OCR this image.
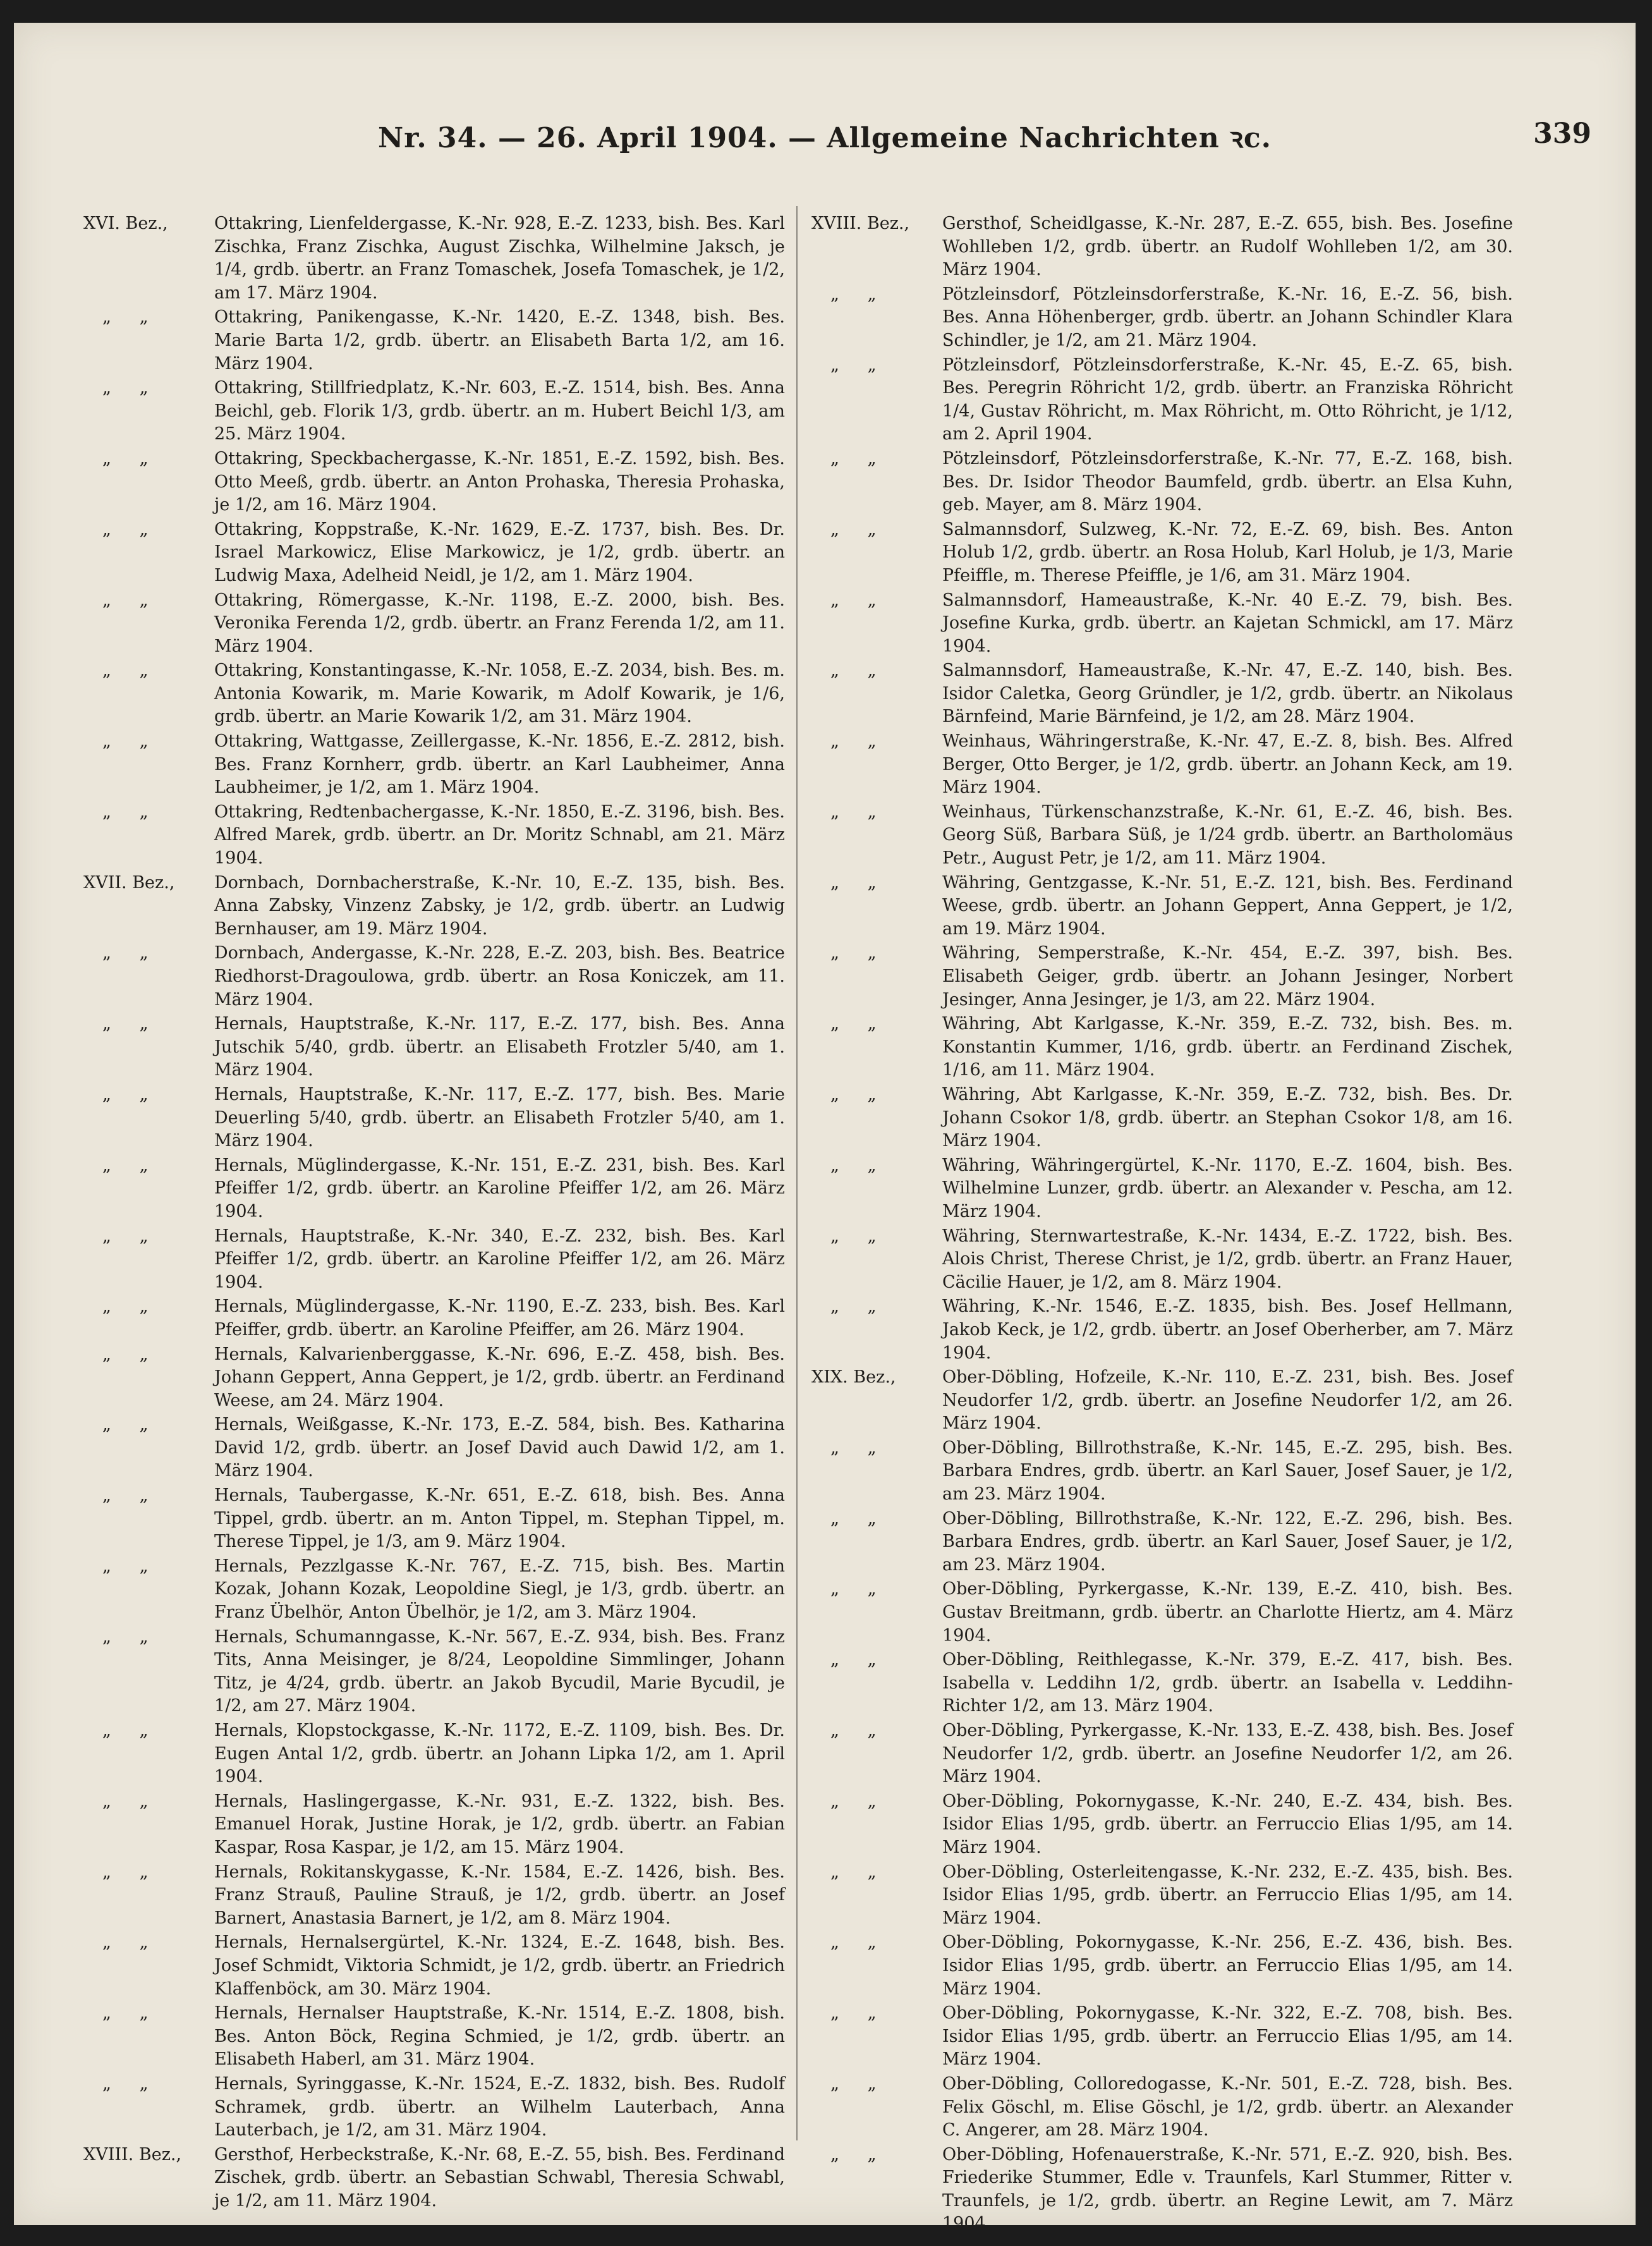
Nr. 34. — 26. April 1904. — Allgemeine Nachrichten ꝛc.	339
XVI. Bez.,	Ottakring, Lienfeldergasse, K.-Nr. 928, E.-Z. 1233, bish. Bes. Karl Zischka, Franz Zischka, August Zischka, Wilhelmine Jaksch, je 1/4, grdb. übertr. an Franz Tomaschek, Josefa Tomaschek, je 1/2, am 17. März 1904.

„ „	Ottakring, Panikengasse, K.-Nr. 1420, E.-Z. 1348, bish. Bes. Marie Barta 1/2, grdb. übertr. an Elisabeth Barta 1/2, am 16. März 1904.

„ „	Ottakring, Stillfriedplatz, K.-Nr. 603, E.-Z. 1514, bish. Bes. Anna Beichl, geb. Florik 1/3, grdb. übertr. an m. Hubert Beichl 1/3, am 25. März 1904.

„ „	Ottakring, Speckbachergasse, K.-Nr. 1851, E.-Z. 1592, bish. Bes. Otto Meeß, grdb. übertr. an Anton Prohaska, Theresia Prohaska, je 1/2, am 16. März 1904.

„ „	Ottakring, Koppstraße, K.-Nr. 1629, E.-Z. 1737, bish. Bes. Dr. Israel Markowicz, Elise Markowicz, je 1/2, grdb. übertr. an Ludwig Maxa, Adelheid Neidl, je 1/2, am 1. März 1904.

„ „	Ottakring, Römergasse, K.-Nr. 1198, E.-Z. 2000, bish. Bes. Veronika Ferenda 1/2, grdb. übertr. an Franz Ferenda 1/2, am 11. März 1904.

„ „	Ottakring, Konstantingasse, K.-Nr. 1058, E.-Z. 2034, bish. Bes. m. Antonia Kowarik, m. Marie Kowarik, m Adolf Kowarik, je 1/6, grdb. übertr. an Marie Kowarik 1/2, am 31. März 1904.

„ „	Ottakring, Wattgasse, Zeillergasse, K.-Nr. 1856, E.-Z. 2812, bish. Bes. Franz Kornherr, grdb. übertr. an Karl Laubheimer, Anna Laubheimer, je 1/2, am 1. März 1904.

„ „	Ottakring, Redtenbachergasse, K.-Nr. 1850, E.-Z. 3196, bish. Bes. Alfred Marek, grdb. übertr. an Dr. Moritz Schnabl, am 21. März 1904.

XVII. Bez.,	Dornbach, Dornbacherstraße, K.-Nr. 10, E.-Z. 135, bish. Bes. Anna Zabsky, Vinzenz Zabsky, je 1/2, grdb. übertr. an Ludwig Bernhauser, am 19. März 1904.

„ „	Dornbach, Andergasse, K.-Nr. 228, E.-Z. 203, bish. Bes. Beatrice Riedhorst-Dragoulowa, grdb. übertr. an Rosa Koniczek, am 11. März 1904.

„ „	Hernals, Hauptstraße, K.-Nr. 117, E.-Z. 177, bish. Bes. Anna Jutschik 5/40, grdb. übertr. an Elisabeth Frotzler 5/40, am 1. März 1904.

„ „	Hernals, Hauptstraße, K.-Nr. 117, E.-Z. 177, bish. Bes. Marie Deuerling 5/40, grdb. übertr. an Elisabeth Frotzler 5/40, am 1. März 1904.

„ „	Hernals, Müglindergasse, K.-Nr. 151, E.-Z. 231, bish. Bes. Karl Pfeiffer 1/2, grdb. übertr. an Karoline Pfeiffer 1/2, am 26. März 1904.

„ „	Hernals, Hauptstraße, K.-Nr. 340, E.-Z. 232, bish. Bes. Karl Pfeiffer 1/2, grdb. übertr. an Karoline Pfeiffer 1/2, am 26. März 1904.

„ „	Hernals, Müglindergasse, K.-Nr. 1190, E.-Z. 233, bish. Bes. Karl Pfeiffer, grdb. übertr. an Karoline Pfeiffer, am 26. März 1904.

„ „	Hernals, Kalvarienberggasse, K.-Nr. 696, E.-Z. 458, bish. Bes. Johann Geppert, Anna Geppert, je 1/2, grdb. übertr. an Ferdinand Weese, am 24. März 1904.

„ „	Hernals, Weißgasse, K.-Nr. 173, E.-Z. 584, bish. Bes. Katharina David 1/2, grdb. übertr. an Josef David auch Dawid 1/2, am 1. März 1904.

„ „	Hernals, Taubergasse, K.-Nr. 651, E.-Z. 618, bish. Bes. Anna Tippel, grdb. übertr. an m. Anton Tippel, m. Stephan Tippel, m. Therese Tippel, je 1/3, am 9. März 1904.

„ „	Hernals, Pezzlgasse K.-Nr. 767, E.-Z. 715, bish. Bes. Martin Kozak, Johann Kozak, Leopoldine Siegl, je 1/3, grdb. übertr. an Franz Übelhör, Anton Übelhör, je 1/2, am 3. März 1904.

„ „	Hernals, Schumanngasse, K.-Nr. 567, E.-Z. 934, bish. Bes. Franz Tits, Anna Meisinger, je 8/24, Leopoldine Simmlinger, Johann Titz, je 4/24, grdb. übertr. an Jakob Bycudil, Marie Bycudil, je 1/2, am 27. März 1904.

„ „	Hernals, Klopstockgasse, K.-Nr. 1172, E.-Z. 1109, bish. Bes. Dr. Eugen Antal 1/2, grdb. übertr. an Johann Lipka 1/2, am 1. April 1904.

„ „	Hernals, Haslingergasse, K.-Nr. 931, E.-Z. 1322, bish. Bes. Emanuel Horak, Justine Horak, je 1/2, grdb. übertr. an Fabian Kaspar, Rosa Kaspar, je 1/2, am 15. März 1904.

„ „	Hernals, Rokitanskygasse, K.-Nr. 1584, E.-Z. 1426, bish. Bes. Franz Strauß, Pauline Strauß, je 1/2, grdb. übertr. an Josef Barnert, Anastasia Barnert, je 1/2, am 8. März 1904.

„ „	Hernals, Hernalsergürtel, K.-Nr. 1324, E.-Z. 1648, bish. Bes. Josef Schmidt, Viktoria Schmidt, je 1/2, grdb. übertr. an Friedrich Klaffenböck, am 30. März 1904.

„ „	Hernals, Hernalser Hauptstraße, K.-Nr. 1514, E.-Z. 1808, bish. Bes. Anton Böck, Regina Schmied, je 1/2, grdb. übertr. an Elisabeth Haberl, am 31. März 1904.

„ „	Hernals, Syringgasse, K.-Nr. 1524, E.-Z. 1832, bish. Bes. Rudolf Schramek, grdb. übertr. an Wilhelm Lauterbach, Anna Lauterbach, je 1/2, am 31. März 1904.

XVIII. Bez.,	Gersthof, Herbeckstraße, K.-Nr. 68, E.-Z. 55, bish. Bes. Ferdinand Zischek, grdb. übertr. an Sebastian Schwabl, Theresia Schwabl, je 1/2, am 11. März 1904.

XVIII. Bez.,	Gersthof, Scheidlgasse, K.-Nr. 287, E.-Z. 655, bish. Bes. Josefine Wohlleben 1/2, grdb. übertr. an Rudolf Wohlleben 1/2, am 30. März 1904.

„ „	Pötzleinsdorf, Pötzleinsdorferstraße, K.-Nr. 16, E.-Z. 56, bish. Bes. Anna Höhenberger, grdb. übertr. an Johann Schindler Klara Schindler, je 1/2, am 21. März 1904.

„ „	Pötzleinsdorf, Pötzleinsdorferstraße, K.-Nr. 45, E.-Z. 65, bish. Bes. Peregrin Röhricht 1/2, grdb. übertr. an Franziska Röhricht 1/4, Gustav Röhricht, m. Max Röhricht, m. Otto Röhricht, je 1/12, am 2. April 1904.

„ „	Pötzleinsdorf, Pötzleinsdorferstraße, K.-Nr. 77, E.-Z. 168, bish. Bes. Dr. Isidor Theodor Baumfeld, grdb. übertr. an Elsa Kuhn, geb. Mayer, am 8. März 1904.

„ „	Salmannsdorf, Sulzweg, K.-Nr. 72, E.-Z. 69, bish. Bes. Anton Holub 1/2, grdb. übertr. an Rosa Holub, Karl Holub, je 1/3, Marie Pfeiffle, m. Therese Pfeiffle, je 1/6, am 31. März 1904.

„ „	Salmannsdorf, Hameaustraße, K.-Nr. 40 E.-Z. 79, bish. Bes. Josefine Kurka, grdb. übertr. an Kajetan Schmickl, am 17. März 1904.

„ „	Salmannsdorf, Hameaustraße, K.-Nr. 47, E.-Z. 140, bish. Bes. Isidor Caletka, Georg Gründler, je 1/2, grdb. übertr. an Nikolaus Bärnfeind, Marie Bärnfeind, je 1/2, am 28. März 1904.

„ „	Weinhaus, Währingerstraße, K.-Nr. 47, E.-Z. 8, bish. Bes. Alfred Berger, Otto Berger, je 1/2, grdb. übertr. an Johann Keck, am 19. März 1904.

„ „	Weinhaus, Türkenschanzstraße, K.-Nr. 61, E.-Z. 46, bish. Bes. Georg Süß, Barbara Süß, je 1/24 grdb. übertr. an Bartholomäus Petr., August Petr, je 1/2, am 11. März 1904.

„ „	Währing, Gentzgasse, K.-Nr. 51, E.-Z. 121, bish. Bes. Ferdinand Weese, grdb. übertr. an Johann Geppert, Anna Geppert, je 1/2, am 19. März 1904.

„ „	Währing, Semperstraße, K.-Nr. 454, E.-Z. 397, bish. Bes. Elisabeth Geiger, grdb. übertr. an Johann Jesinger, Norbert Jesinger, Anna Jesinger, je 1/3, am 22. März 1904.

„ „	Währing, Abt Karlgasse, K.-Nr. 359, E.-Z. 732, bish. Bes. m. Konstantin Kummer, 1/16, grdb. übertr. an Ferdinand Zischek, 1/16, am 11. März 1904.

„ „	Währing, Abt Karlgasse, K.-Nr. 359, E.-Z. 732, bish. Bes. Dr. Johann Csokor 1/8, grdb. übertr. an Stephan Csokor 1/8, am 16. März 1904.

„ „	Währing, Währingergürtel, K.-Nr. 1170, E.-Z. 1604, bish. Bes. Wilhelmine Lunzer, grdb. übertr. an Alexander v. Pescha, am 12. März 1904.

„ „	Währing, Sternwartestraße, K.-Nr. 1434, E.-Z. 1722, bish. Bes. Alois Christ, Therese Christ, je 1/2, grdb. übertr. an Franz Hauer, Cäcilie Hauer, je 1/2, am 8. März 1904.

„ „	Währing, K.-Nr. 1546, E.-Z. 1835, bish. Bes. Josef Hellmann, Jakob Keck, je 1/2, grdb. übertr. an Josef Oberherber, am 7. März 1904.

XIX. Bez.,	Ober-Döbling, Hofzeile, K.-Nr. 110, E.-Z. 231, bish. Bes. Josef Neudorfer 1/2, grdb. übertr. an Josefine Neudorfer 1/2, am 26. März 1904.

„ „	Ober-Döbling, Billrothstraße, K.-Nr. 145, E.-Z. 295, bish. Bes. Barbara Endres, grdb. übertr. an Karl Sauer, Josef Sauer, je 1/2, am 23. März 1904.

„ „	Ober-Döbling, Billrothstraße, K.-Nr. 122, E.-Z. 296, bish. Bes. Barbara Endres, grdb. übertr. an Karl Sauer, Josef Sauer, je 1/2, am 23. März 1904.

„ „	Ober-Döbling, Pyrkergasse, K.-Nr. 139, E.-Z. 410, bish. Bes. Gustav Breitmann, grdb. übertr. an Charlotte Hiertz, am 4. März 1904.

„ „	Ober-Döbling, Reithlegasse, K.-Nr. 379, E.-Z. 417, bish. Bes. Isabella v. Leddihn 1/2, grdb. übertr. an Isabella v. Leddihn-Richter 1/2, am 13. März 1904.

„ „	Ober-Döbling, Pyrkergasse, K.-Nr. 133, E.-Z. 438, bish. Bes. Josef Neudorfer 1/2, grdb. übertr. an Josefine Neudorfer 1/2, am 26. März 1904.

„ „	Ober-Döbling, Pokornygasse, K.-Nr. 240, E.-Z. 434, bish. Bes. Isidor Elias 1/95, grdb. übertr. an Ferruccio Elias 1/95, am 14. März 1904.

„ „	Ober-Döbling, Osterleitengasse, K.-Nr. 232, E.-Z. 435, bish. Bes. Isidor Elias 1/95, grdb. übertr. an Ferruccio Elias 1/95, am 14. März 1904.

„ „	Ober-Döbling, Pokornygasse, K.-Nr. 256, E.-Z. 436, bish. Bes. Isidor Elias 1/95, grdb. übertr. an Ferruccio Elias 1/95, am 14. März 1904.

„ „	Ober-Döbling, Pokornygasse, K.-Nr. 322, E.-Z. 708, bish. Bes. Isidor Elias 1/95, grdb. übertr. an Ferruccio Elias 1/95, am 14. März 1904.

„ „	Ober-Döbling, Colloredogasse, K.-Nr. 501, E.-Z. 728, bish. Bes. Felix Göschl, m. Elise Göschl, je 1/2, grdb. übertr. an Alexander C. Angerer, am 28. März 1904.

„ „	Ober-Döbling, Hofenauerstraße, K.-Nr. 571, E.-Z. 920, bish. Bes. Friederike Stummer, Edle v. Traunfels, Karl Stummer, Ritter v. Traunfels, je 1/2, grdb. übertr. an Regine Lewit, am 7. März 1904.
